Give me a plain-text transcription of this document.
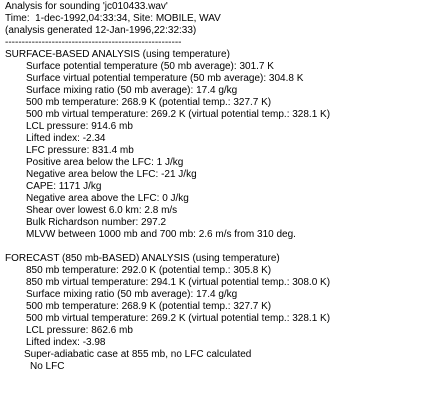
Analysis for sounding 'jc010433.wav'
Time:  1-dec-1992,04:33:34, Site: MOBILE, WAV
(analysis generated 12-Jan-1996,22:32:33)
-----------------------------------------------------
SURFACE-BASED ANALYSIS (using temperature)
Surface potential temperature (50 mb average): 301.7 K
Surface virtual potential temperature (50 mb average): 304.8 K
Surface mixing ratio (50 mb average): 17.4 g/kg
500 mb temperature: 268.9 K (potential temp.: 327.7 K)
500 mb virtual temperature: 269.2 K (virtual potential temp.: 328.1 K)
LCL pressure: 914.6 mb
Lifted index: -2.34
LFC pressure: 831.4 mb
Positive area below the LFC: 1 J/kg
Negative area below the LFC: -21 J/kg
CAPE: 1171 J/kg
Negative area above the LFC: 0 J/kg
Shear over lowest 6.0 km: 2.8 m/s
Bulk Richardson number: 297.2
MLVW between 1000 mb and 700 mb: 2.6 m/s from 310 deg.
FORECAST (850 mb-BASED) ANALYSIS (using temperature)
850 mb temperature: 292.0 K (potential temp.: 305.8 K)
850 mb virtual temperature: 294.1 K (virtual potential temp.: 308.0 K)
Surface mixing ratio (50 mb average): 17.4 g/kg
500 mb temperature: 268.9 K (potential temp.: 327.7 K)
500 mb virtual temperature: 269.2 K (virtual potential temp.: 328.1 K)
LCL pressure: 862.6 mb
Lifted index: -3.98
Super-adiabatic case at 855 mb, no LFC calculated
No LFC
